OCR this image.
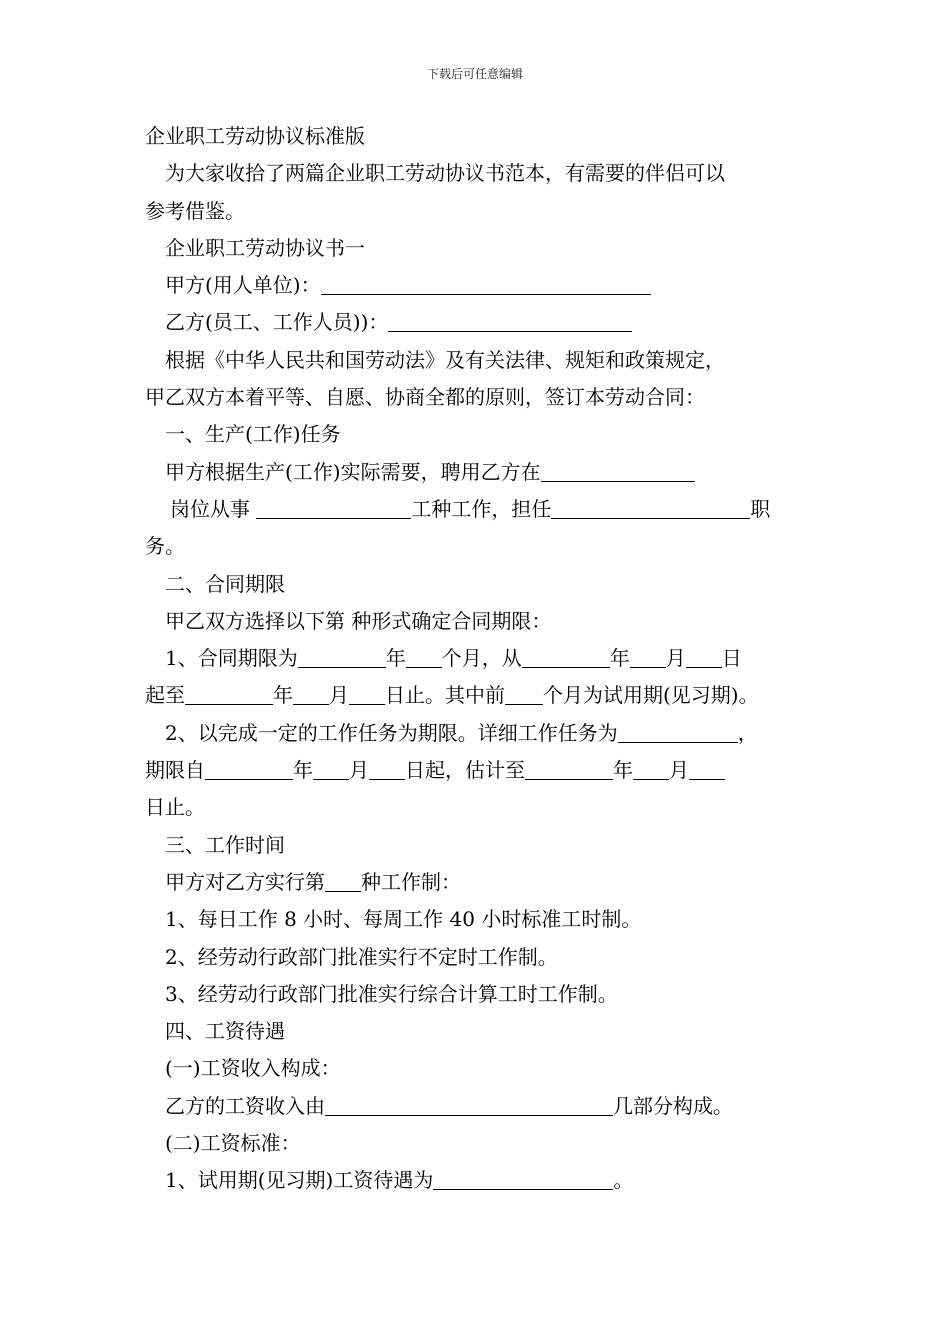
下载后可任意编辑
企业职工劳动协议标准版
为大家收拾了两篇企业职工劳动协议书范本，有需要的伴侣可以
参考借鉴。
企业职工劳动协议书一
甲方(用人单位)：
乙方(员工、工作人员))：
根据《中华人民共和国劳动法》及有关法律、规矩和政策规定，
甲乙双方本着平等、自愿、协商全都的原则，签订本劳动合同：
一、生产(工作)任务
甲方根据生产(工作)实际需要，聘用乙方在
岗位从事	工种工作，担任	职
务。
二、合同期限
甲乙双方选择以下第 种形式确定合同期限：
1、合同期限为	年 个月，从	年 月 日
起至	年 月 日止。其中前 个月为试用期(见习期)。
2、以完成一定的工作任务为期限。详细工作任务为	，
期限自	年 月 日起，估计至	年 月
日止。
三、工作时间
甲方对乙方实行第 种工作制：
1、每日工作 8 小时、每周工作 40 小时标准工时制。
2、经劳动行政部门批准实行不定时工作制。
3、经劳动行政部门批准实行综合计算工时工作制。
四、工资待遇
(一)工资收入构成：
乙方的工资收入由	几部分构成。
(二)工资标准：
1、试用期(见习期)工资待遇为	。
